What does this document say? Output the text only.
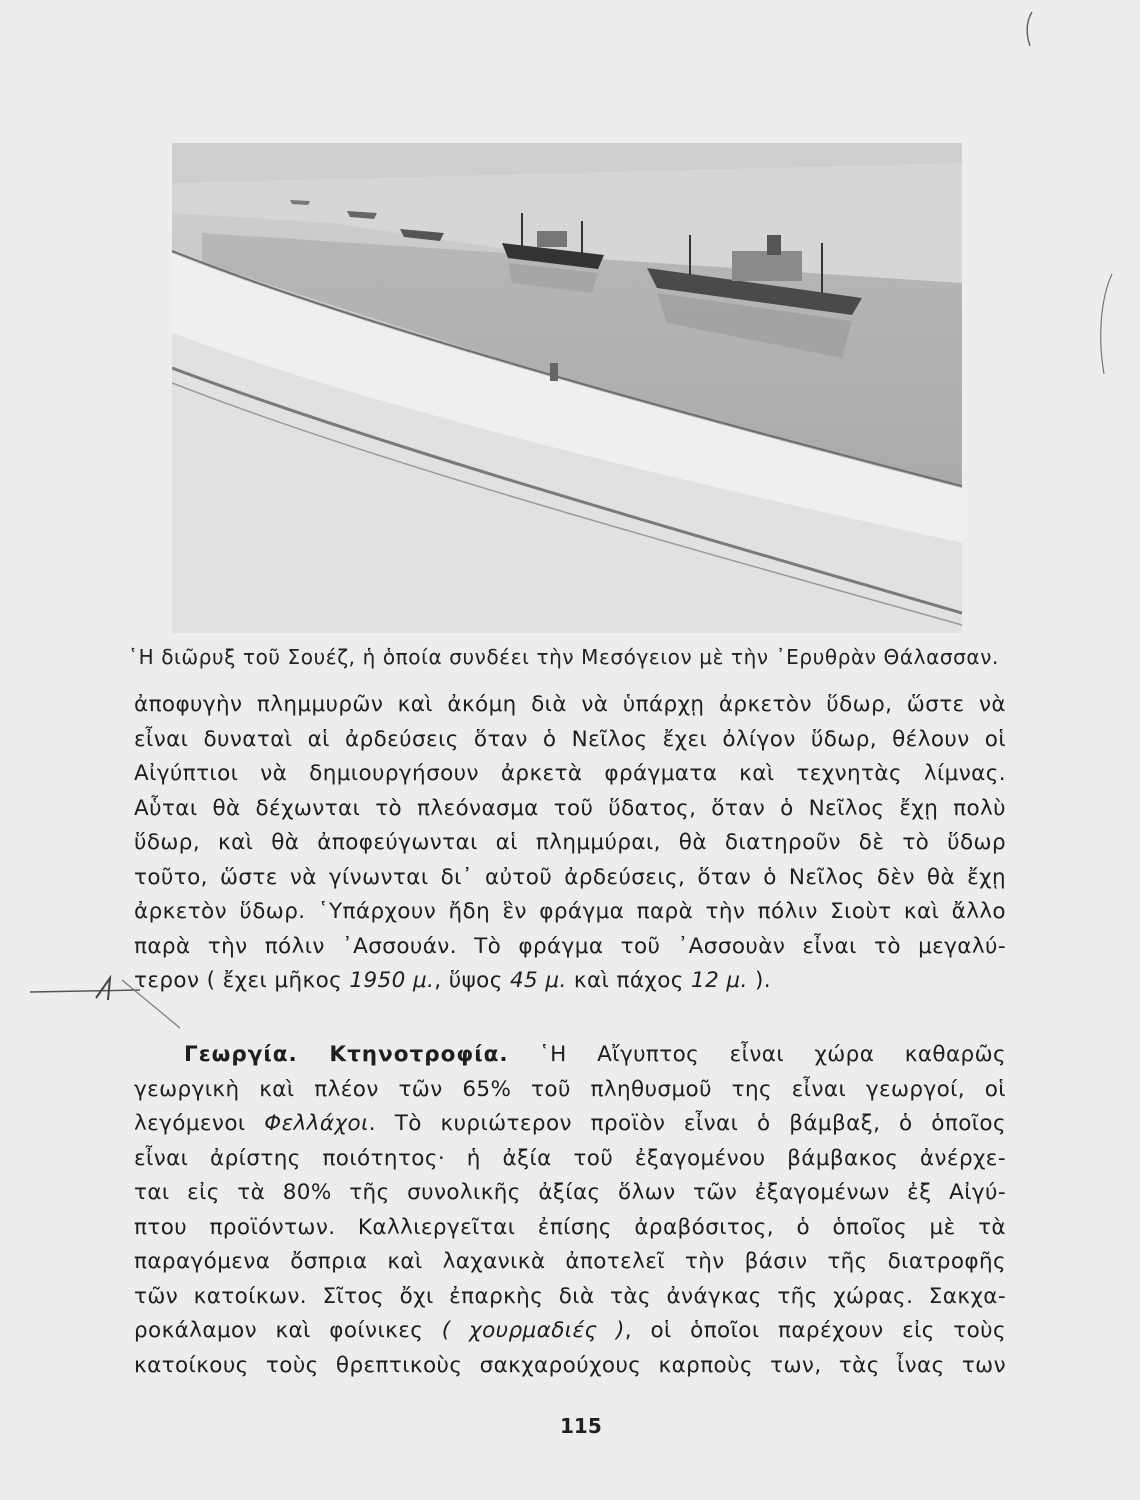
῾Η διῶρυξ τοῦ Σουέζ, ἡ ὁποία συνδέει τὴν Μεσόγειον μὲ τὴν ᾿Ερυθρὰν Θάλασσαν.
ἀποφυγὴν πλημμυρῶν καὶ ἀκόμη διὰ νὰ ὑπάρχῃ ἀρκετὸν ὕδωρ, ὥστε νὰ
εἶναι δυναταὶ αἱ ἀρδεύσεις ὅταν ὁ Νεῖλος ἔχει ὀλίγον ὕδωρ, θέλουν οἱ
Αἰγύπτιοι νὰ δημιουργήσουν ἀρκετὰ φράγματα καὶ τεχνητὰς λίμνας.
Αὗται θὰ δέχωνται τὸ πλεόνασμα τοῦ ὕδατος, ὅταν ὁ Νεῖλος ἔχῃ πολὺ
ὕδωρ, καὶ θὰ ἀποφεύγωνται αἱ πλημμύραι, θὰ διατηροῦν δὲ τὸ ὕδωρ
τοῦτο, ὥστε νὰ γίνωνται δι᾿ αὐτοῦ ἀρδεύσεις, ὅταν ὁ Νεῖλος δὲν θὰ ἔχῃ
ἀρκετὸν ὕδωρ. ῾Υπάρχουν ἤδη ἓν φράγμα παρὰ τὴν πόλιν Σιοὺτ καὶ ἄλλο
παρὰ τὴν πόλιν ᾿Ασσουάν. Τὸ φράγμα τοῦ ᾿Ασσουὰν εἶναι τὸ μεγαλύ-
τερον ( ἔχει μῆκος 1950 μ., ὕψος 45 μ. καὶ πάχος 12 μ. ).
Γεωργία. Κτηνοτροφία. ῾Η Αἴγυπτος εἶναι χώρα καθαρῶς
γεωργικὴ καὶ πλέον τῶν 65% τοῦ πληθυσμοῦ της εἶναι γεωργοί, οἱ
λεγόμενοι Φελλάχοι. Τὸ κυριώτερον προϊὸν εἶναι ὁ βάμβαξ, ὁ ὁποῖος
εἶναι ἀρίστης ποιότητος· ἡ ἀξία τοῦ ἐξαγομένου βάμβακος ἀνέρχε-
ται εἰς τὰ 80% τῆς συνολικῆς ἀξίας ὅλων τῶν ἐξαγομένων ἐξ Αἰγύ-
πτου προϊόντων. Καλλιεργεῖται ἐπίσης ἀραβόσιτος, ὁ ὁποῖος μὲ τὰ
παραγόμενα ὄσπρια καὶ λαχανικὰ ἀποτελεῖ τὴν βάσιν τῆς διατροφῆς
τῶν κατοίκων. Σῖτος ὄχι ἐπαρκὴς διὰ τὰς ἀνάγκας τῆς χώρας. Σακχα-
ροκάλαμον καὶ φοίνικες ( χουρμαδιές ), οἱ ὁποῖοι παρέχουν εἰς τοὺς
κατοίκους τοὺς θρεπτικοὺς σακχαρούχους καρποὺς των, τὰς ἶνας των
115
